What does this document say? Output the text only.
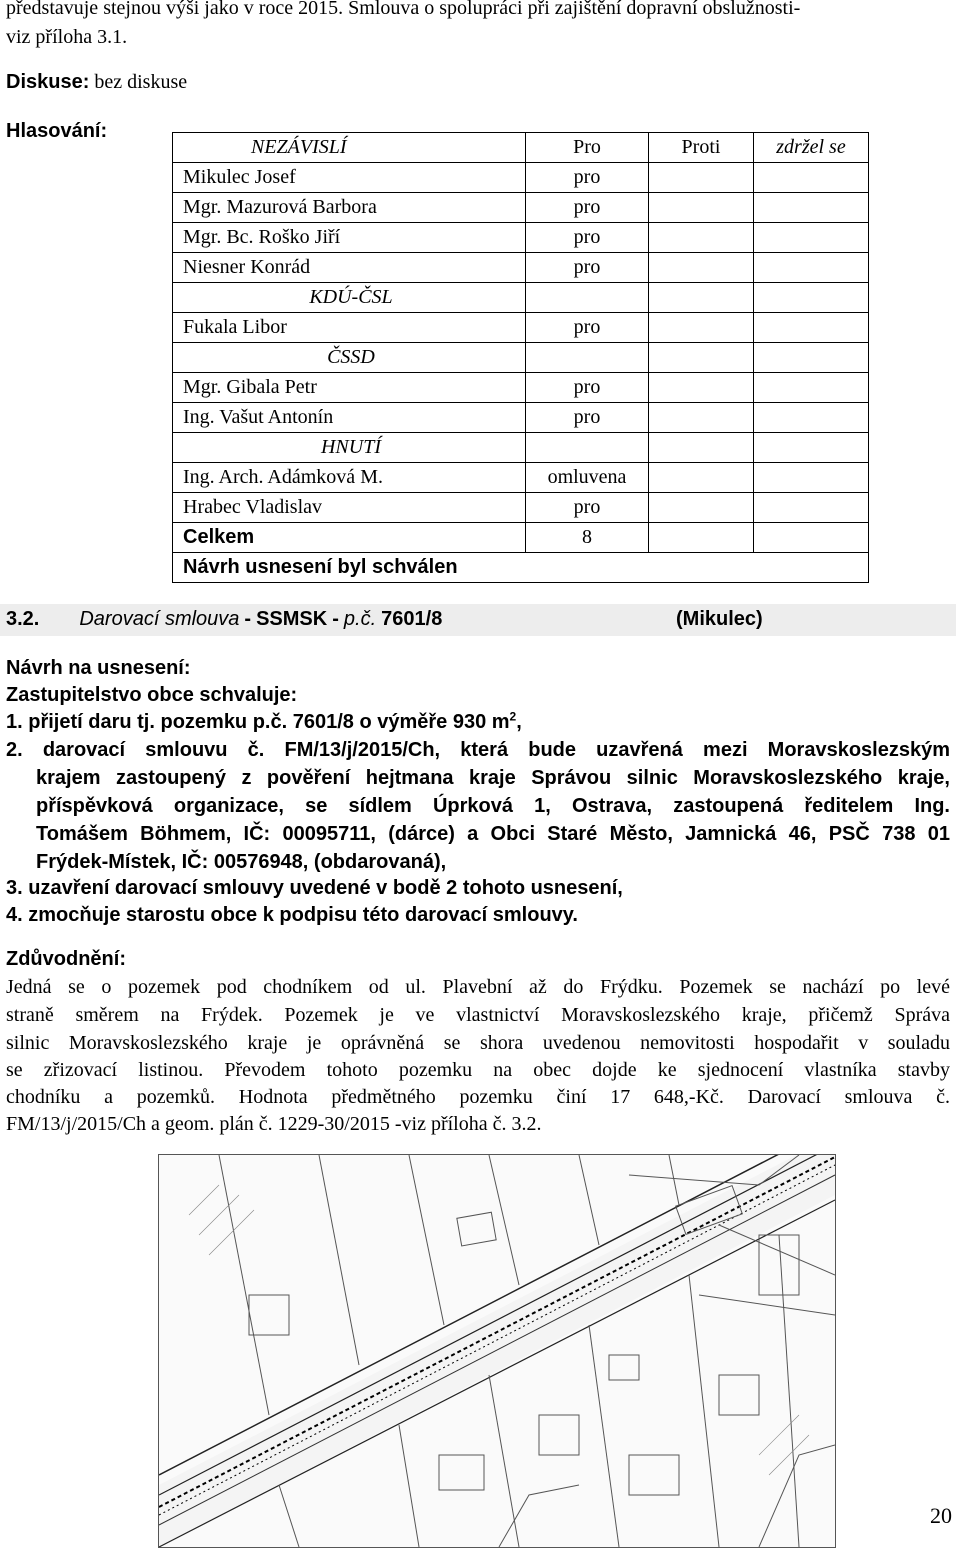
představuje stejnou výši jako v roce 2015. Smlouva o spolupráci při zajištění dopravní obslužnosti-
viz příloha 3.1.
Diskuse: bez diskuse
Hlasování:
NEZÁVISLÍ	Pro	Proti	zdržel se
Mikulec Josef	pro		
Mgr. Mazurová Barbora	pro		
Mgr. Bc. Roško Jiří	pro		
Niesner Konrád	pro		
KDÚ-ČSL			
Fukala Libor	pro		
ČSSD			
Mgr. Gibala Petr	pro		
Ing. Vašut Antonín	pro		
HNUTÍ			
Ing. Arch. Adámková M.	omluvena		
Hrabec Vladislav	pro		
Celkem	8		
Návrh usnesení byl schválen			
3.2. Darovací smlouva - SSMSK - p.č. 7601/8	(Mikulec)
Návrh na usnesení:
Zastupitelstvo obce schvaluje:
1. přijetí daru tj. pozemku p.č. 7601/8 o výměře 930 $m^2$,
2. darovací smlouvu č. FM/13/j/2015/Ch, která bude uzavřená mezi Moravskoslezským
krajem zastoupený z pověření hejtmana kraje Správou silnic Moravskoslezského kraje,
příspěvková organizace, se sídlem Úprková 1, Ostrava, zastoupená ředitelem Ing.
Tomášem Böhmem, IČ: 00095711, (dárce) a Obci Staré Město, Jamnická 46, PSČ 738 01
Frýdek-Místek, IČ: 00576948, (obdarovaná),
3. uzavření darovací smlouvy uvedené v bodě 2 tohoto usnesení,
4. zmocňuje starostu obce k podpisu této darovací smlouvy.
Zdůvodnění:
Jedná se o pozemek pod chodníkem od ul. Plavební až do Frýdku. Pozemek se nachází po levé
straně směrem na Frýdek. Pozemek je ve vlastnictví Moravskoslezského kraje, přičemž Správa
silnic Moravskoslezského kraje je oprávněná se shora uvedenou nemovitosti hospodařit v souladu
se zřizovací listinou. Převodem tohoto pozemku na obec dojde ke sjednocení vlastníka stavby
chodníku a pozemků. Hodnota předmětného pozemku činí 17 648,-Kč. Darovací smlouva č.
FM/13/j/2015/Ch a geom. plán č. 1229-30/2015 -viz příloha č. 3.2.
20
